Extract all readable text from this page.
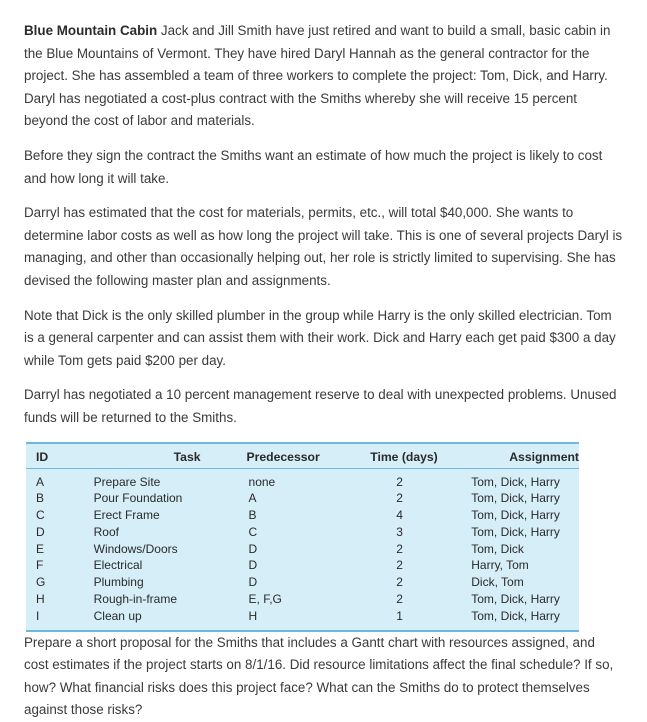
Blue Mountain Cabin Jack and Jill Smith have just retired and want to build a small, basic cabin in the Blue Mountains of Vermont. They have hired Daryl Hannah as the general contractor for the project. She has assembled a team of three workers to complete the project: Tom, Dick, and Harry. Daryl has negotiated a cost-plus contract with the Smiths whereby she will receive 15 percent beyond the cost of labor and materials.

Before they sign the contract the Smiths want an estimate of how much the project is likely to cost and how long it will take.

Darryl has estimated that the cost for materials, permits, etc., will total $40,000. She wants to determine labor costs as well as how long the project will take. This is one of several projects Daryl is managing, and other than occasionally helping out, her role is strictly limited to supervising. She has devised the following master plan and assignments.

Note that Dick is the only skilled plumber in the group while Harry is the only skilled electrician. Tom is a general carpenter and can assist them with their work. Dick and Harry each get paid $300 a day while Tom gets paid $200 per day.

Darryl has negotiated a 10 percent management reserve to deal with unexpected problems. Unused funds will be returned to the Smiths.

ID	Task	Predecessor	Time (days)	Assignment
A	Prepare Site	none	2	Tom, Dick, Harry
B	Pour Foundation	A	2	Tom, Dick, Harry
C	Erect Frame	B	4	Tom, Dick, Harry
D	Roof	C	3	Tom, Dick, Harry
E	Windows/Doors	D	2	Tom, Dick
F	Electrical	D	2	Harry, Tom
G	Plumbing	D	2	Dick, Tom
H	Rough-in-frame	E, F,G	2	Tom, Dick, Harry
I	Clean up	H	1	Tom, Dick, Harry

Prepare a short proposal for the Smiths that includes a Gantt chart with resources assigned, and cost estimates if the project starts on 8/1/16. Did resource limitations affect the final schedule? If so, how? What financial risks does this project face? What can the Smiths do to protect themselves against those risks?
